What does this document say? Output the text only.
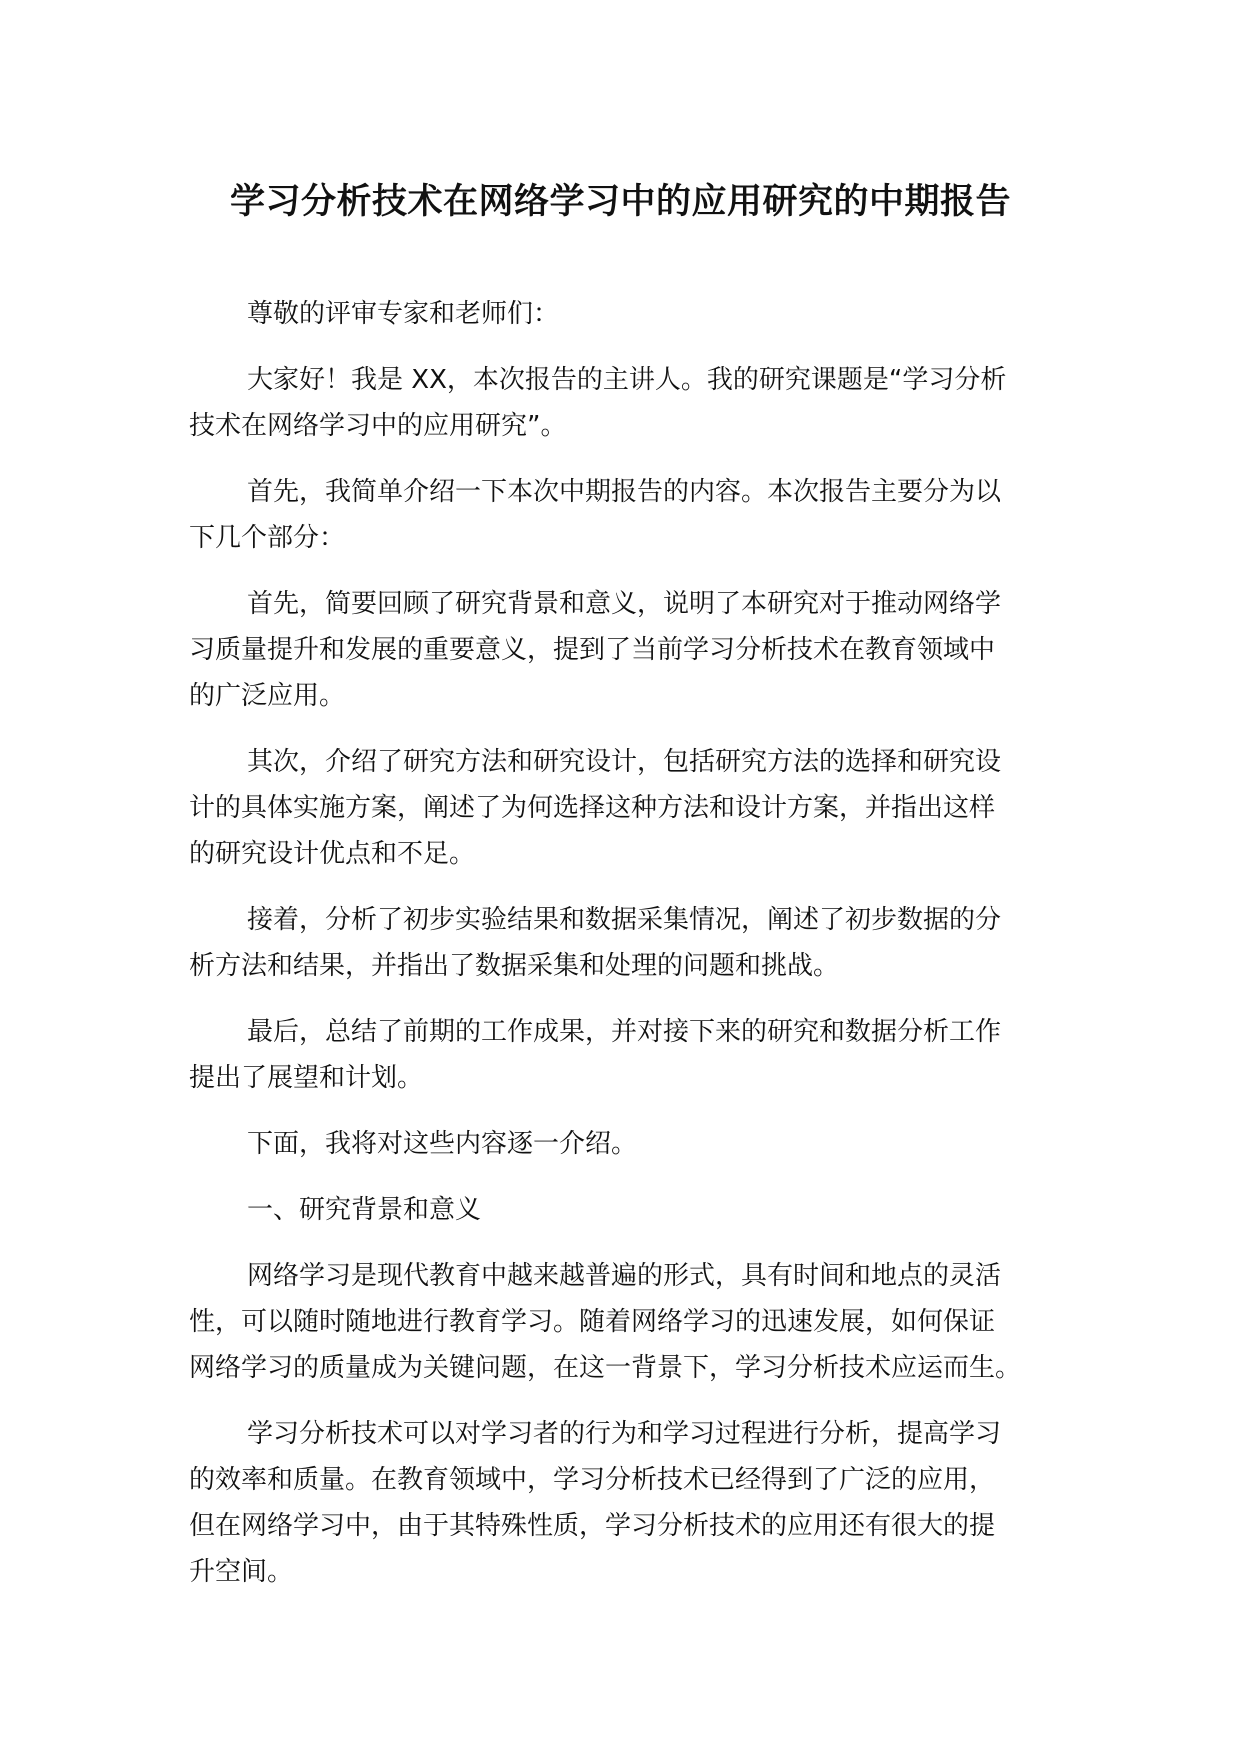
学习分析技术在网络学习中的应用研究的中期报告

尊敬的评审专家和老师们：

大家好！我是 XX，本次报告的主讲人。我的研究课题是“学习分析
技术在网络学习中的应用研究”。

首先，我简单介绍一下本次中期报告的内容。本次报告主要分为以
下几个部分：

首先，简要回顾了研究背景和意义，说明了本研究对于推动网络学
习质量提升和发展的重要意义，提到了当前学习分析技术在教育领域中
的广泛应用。

其次，介绍了研究方法和研究设计，包括研究方法的选择和研究设
计的具体实施方案，阐述了为何选择这种方法和设计方案，并指出这样
的研究设计优点和不足。

接着，分析了初步实验结果和数据采集情况，阐述了初步数据的分
析方法和结果，并指出了数据采集和处理的问题和挑战。

最后，总结了前期的工作成果，并对接下来的研究和数据分析工作
提出了展望和计划。

下面，我将对这些内容逐一介绍。

一、研究背景和意义

网络学习是现代教育中越来越普遍的形式，具有时间和地点的灵活
性，可以随时随地进行教育学习。随着网络学习的迅速发展，如何保证
网络学习的质量成为关键问题，在这一背景下，学习分析技术应运而生。

学习分析技术可以对学习者的行为和学习过程进行分析，提高学习
的效率和质量。在教育领域中，学习分析技术已经得到了广泛的应用，
但在网络学习中，由于其特殊性质，学习分析技术的应用还有很大的提
升空间。
